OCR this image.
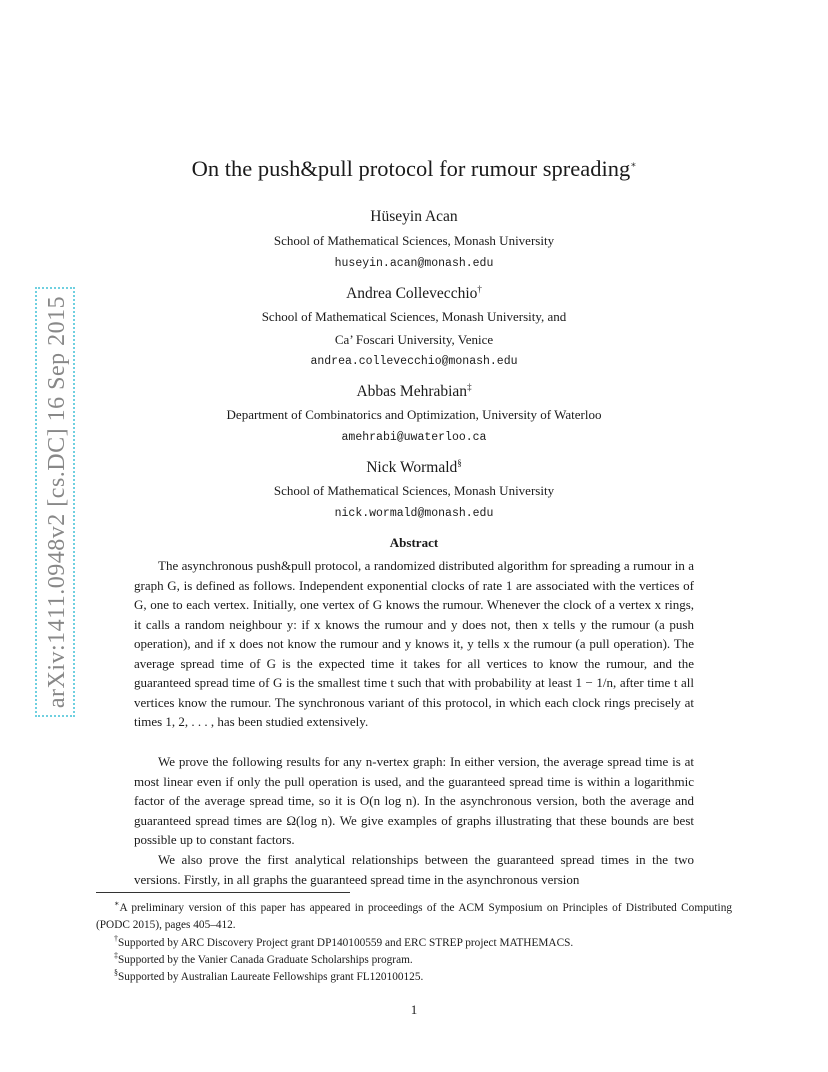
arXiv:1411.0948v2 [cs.DC] 16 Sep 2015
On the push&pull protocol for rumour spreading∗
Hüseyin Acan
School of Mathematical Sciences, Monash University
huseyin.acan@monash.edu
Andrea Collevecchio†
School of Mathematical Sciences, Monash University, and
Ca’ Foscari University, Venice
andrea.collevecchio@monash.edu
Abbas Mehrabian‡
Department of Combinatorics and Optimization, University of Waterloo
amehrabi@uwaterloo.ca
Nick Wormald§
School of Mathematical Sciences, Monash University
nick.wormald@monash.edu
Abstract
The asynchronous push&pull protocol, a randomized distributed algorithm for spreading a rumour in a graph G, is defined as follows. Independent exponential clocks of rate 1 are associated with the vertices of G, one to each vertex. Initially, one vertex of G knows the rumour. Whenever the clock of a vertex x rings, it calls a random neighbour y: if x knows the rumour and y does not, then x tells y the rumour (a push operation), and if x does not know the rumour and y knows it, y tells x the rumour (a pull operation). The average spread time of G is the expected time it takes for all vertices to know the rumour, and the guaranteed spread time of G is the smallest time t such that with probability at least 1 − 1/n, after time t all vertices know the rumour. The synchronous variant of this protocol, in which each clock rings precisely at times 1, 2, . . . , has been studied extensively.
We prove the following results for any n-vertex graph: In either version, the average spread time is at most linear even if only the pull operation is used, and the guaranteed spread time is within a logarithmic factor of the average spread time, so it is O(n log n). In the asynchronous version, both the average and guaranteed spread times are Ω(log n). We give examples of graphs illustrating that these bounds are best possible up to constant factors.
We also prove the first analytical relationships between the guaranteed spread times in the two versions. Firstly, in all graphs the guaranteed spread time in the asynchronous version
∗A preliminary version of this paper has appeared in proceedings of the ACM Symposium on Principles of Distributed Computing (PODC 2015), pages 405–412.
†Supported by ARC Discovery Project grant DP140100559 and ERC STREP project MATHEMACS.
‡Supported by the Vanier Canada Graduate Scholarships program.
§Supported by Australian Laureate Fellowships grant FL120100125.
1
